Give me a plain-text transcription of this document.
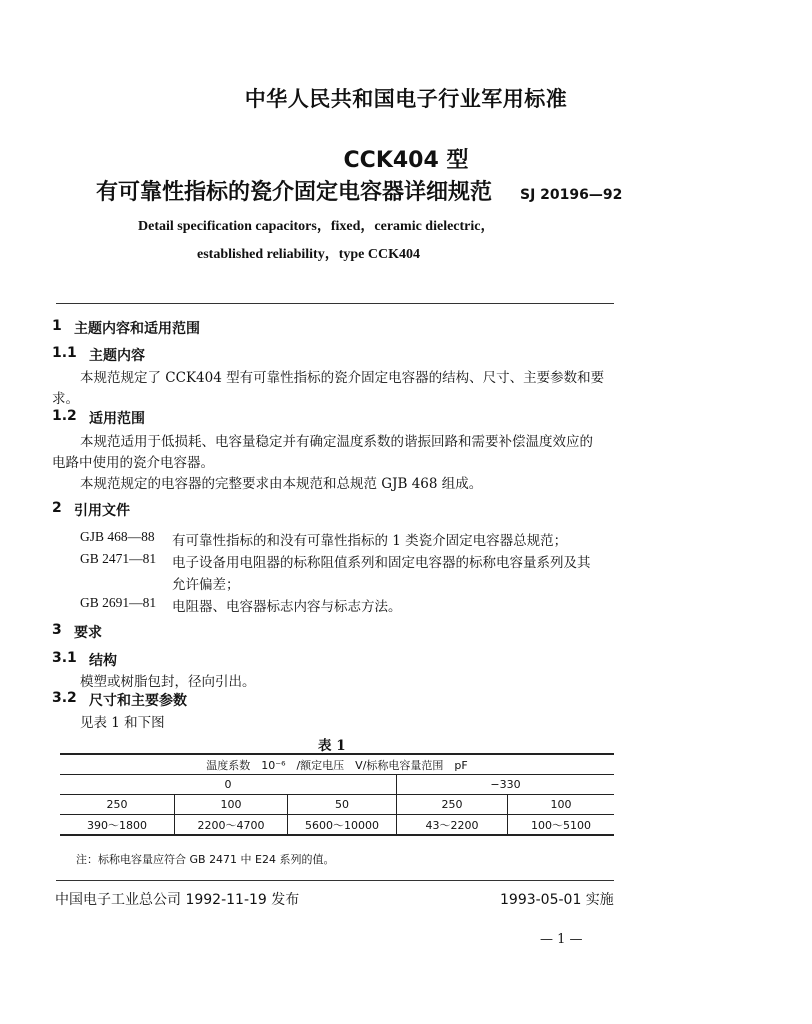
中华人民共和国电子行业军用标准
CCK404 型
有可靠性指标的瓷介固定电容器详细规范 SJ 20196—92
Detail specification capacitors，fixed，ceramic dielectric，
established reliability，type CCK404
1 主题内容和适用范围
1.1 主题内容
本规范规定了 CCK404 型有可靠性指标的瓷介固定电容器的结构、尺寸、主要参数和要
求。
1.2 适用范围
本规范适用于低损耗、电容量稳定并有确定温度系数的谐振回路和需要补偿温度效应的
电路中使用的瓷介电容器。
本规范规定的电容器的完整要求由本规范和总规范 GJB 468 组成。
2 引用文件
GJB 468—88 有可靠性指标的和没有可靠性指标的 1 类瓷介固定电容器总规范；
GB 2471—81 电子设备用电阻器的标称阻值系列和固定电容器的标称电容量系列及其
允许偏差；
GB 2691—81 电阻器、电容器标志内容与标志方法。
3 要求
3.1 结构
模塑或树脂包封，径向引出。
3.2 尺寸和主要参数
见表 1 和下图
表 1
温度系数　10⁻⁶　/额定电压　V/标称电容量范围　pF				
0			−330	
250	100	50	250	100
390～1800	2200～4700	5600～10000	43～2200	100～5100
注：标称电容量应符合 GB 2471 中 E24 系列的值。
中国电子工业总公司 1992-11-19 发布	1993-05-01 实施
— 1 —
